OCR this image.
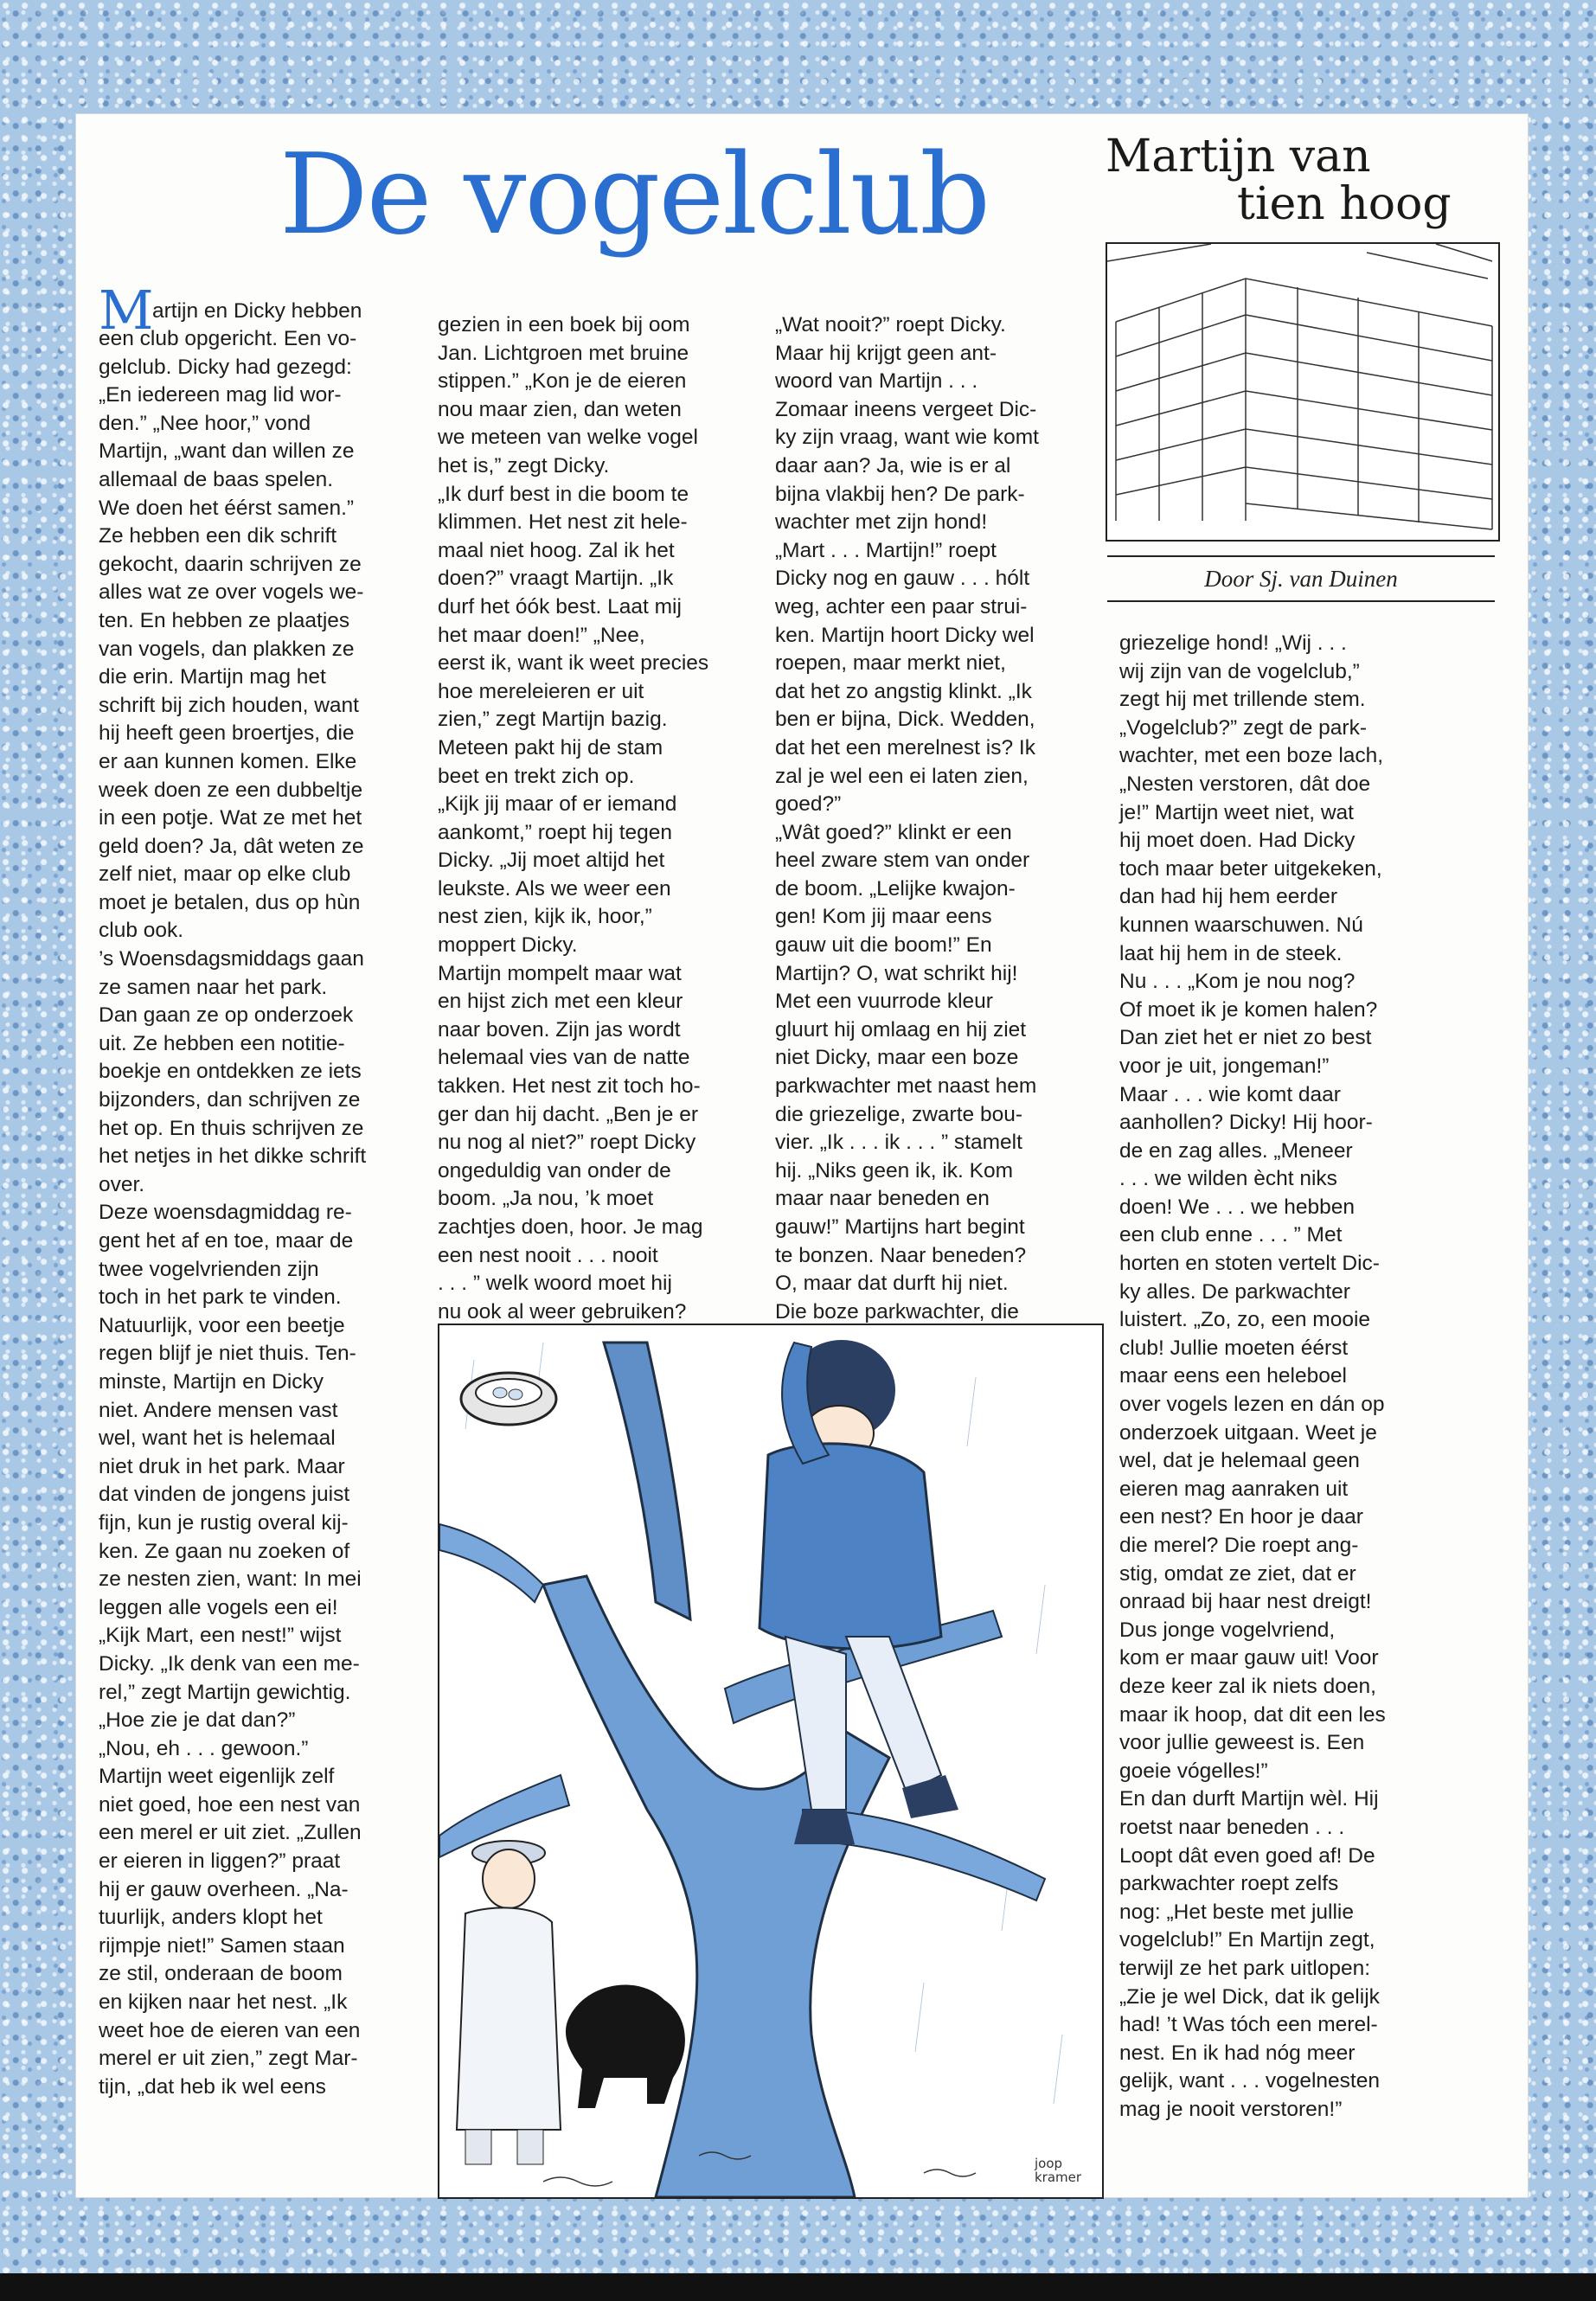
De vogelclub	Martijn van
tien hoog
Door Sj. van Duinen
M
artijn en Dicky hebben

een club opgericht. Een vo-
gelclub. Dicky had gezegd:
„En iedereen mag lid wor-
den.” „Nee hoor,” vond
Martijn, „want dan willen ze
allemaal de baas spelen.
We doen het éérst samen.”
Ze hebben een dik schrift
gekocht, daarin schrijven ze
alles wat ze over vogels we-
ten. En hebben ze plaatjes
van vogels, dan plakken ze
die erin. Martijn mag het
schrift bij zich houden, want
hij heeft geen broertjes, die
er aan kunnen komen. Elke
week doen ze een dubbeltje
in een potje. Wat ze met het
geld doen? Ja, dât weten ze
zelf niet, maar op elke club
moet je betalen, dus op hùn
club ook.
’s Woensdagsmiddags gaan
ze samen naar het park.
Dan gaan ze op onderzoek
uit. Ze hebben een notitie-
boekje en ontdekken ze iets
bijzonders, dan schrijven ze
het op. En thuis schrijven ze
het netjes in het dikke schrift
over.
Deze woensdagmiddag re-
gent het af en toe, maar de
twee vogelvrienden zijn
toch in het park te vinden.
Natuurlijk, voor een beetje
regen blijf je niet thuis. Ten-
minste, Martijn en Dicky
niet. Andere mensen vast
wel, want het is helemaal
niet druk in het park. Maar
dat vinden de jongens juist
fijn, kun je rustig overal kij-
ken. Ze gaan nu zoeken of
ze nesten zien, want: In mei
leggen alle vogels een ei!
„Kijk Mart, een nest!” wijst
Dicky. „Ik denk van een me-
rel,” zegt Martijn gewichtig.
„Hoe zie je dat dan?”
„Nou, eh . . . gewoon.”
Martijn weet eigenlijk zelf
niet goed, hoe een nest van
een merel er uit ziet. „Zullen
er eieren in liggen?” praat
hij er gauw overheen. „Na-
tuurlijk, anders klopt het
rijmpje niet!” Samen staan
ze stil, onderaan de boom
en kijken naar het nest. „Ik
weet hoe de eieren van een
merel er uit zien,” zegt Mar-
tijn, „dat heb ik wel eens

gezien in een boek bij oom
Jan. Lichtgroen met bruine
stippen.” „Kon je de eieren
nou maar zien, dan weten
we meteen van welke vogel
het is,” zegt Dicky.
„Ik durf best in die boom te
klimmen. Het nest zit hele-
maal niet hoog. Zal ik het
doen?” vraagt Martijn. „Ik
durf het óók best. Laat mij
het maar doen!” „Nee,
eerst ik, want ik weet precies
hoe mereleieren er uit
zien,” zegt Martijn bazig.
Meteen pakt hij de stam
beet en trekt zich op.
„Kijk jij maar of er iemand
aankomt,” roept hij tegen
Dicky. „Jij moet altijd het
leukste. Als we weer een
nest zien, kijk ik, hoor,”
moppert Dicky.
Martijn mompelt maar wat
en hijst zich met een kleur
naar boven. Zijn jas wordt
helemaal vies van de natte
takken. Het nest zit toch ho-
ger dan hij dacht. „Ben je er
nu nog al niet?” roept Dicky
ongeduldig van onder de
boom. „Ja nou, ’k moet
zachtjes doen, hoor. Je mag
een nest nooit . . . nooit
. . . ” welk woord moet hij
nu ook al weer gebruiken?

„Wat nooit?” roept Dicky.
Maar hij krijgt geen ant-
woord van Martijn . . .
Zomaar ineens vergeet Dic-
ky zijn vraag, want wie komt
daar aan? Ja, wie is er al
bijna vlakbij hen? De park-
wachter met zijn hond!
„Mart . . . Martijn!” roept
Dicky nog en gauw . . . hólt
weg, achter een paar strui-
ken. Martijn hoort Dicky wel
roepen, maar merkt niet,
dat het zo angstig klinkt. „Ik
ben er bijna, Dick. Wedden,
dat het een merelnest is? Ik
zal je wel een ei laten zien,
goed?”
„Wât goed?” klinkt er een
heel zware stem van onder
de boom. „Lelijke kwajon-
gen! Kom jij maar eens
gauw uit die boom!” En
Martijn? O, wat schrikt hij!
Met een vuurrode kleur
gluurt hij omlaag en hij ziet
niet Dicky, maar een boze
parkwachter met naast hem
die griezelige, zwarte bou-
vier. „Ik . . . ik . . . ” stamelt
hij. „Niks geen ik, ik. Kom
maar naar beneden en
gauw!” Martijns hart begint
te bonzen. Naar beneden?
O, maar dat durft hij niet.
Die boze parkwachter, die

griezelige hond! „Wij . . .
wij zijn van de vogelclub,”
zegt hij met trillende stem.
„Vogelclub?” zegt de park-
wachter, met een boze lach,
„Nesten verstoren, dât doe
je!” Martijn weet niet, wat
hij moet doen. Had Dicky
toch maar beter uitgekeken,
dan had hij hem eerder
kunnen waarschuwen. Nú
laat hij hem in de steek.
Nu . . . „Kom je nou nog?
Of moet ik je komen halen?
Dan ziet het er niet zo best
voor je uit, jongeman!”
Maar . . . wie komt daar
aanhollen? Dicky! Hij hoor-
de en zag alles. „Meneer
. . . we wilden ècht niks
doen! We . . . we hebben
een club enne . . . ” Met
horten en stoten vertelt Dic-
ky alles. De parkwachter
luistert. „Zo, zo, een mooie
club! Jullie moeten éérst
maar eens een heleboel
over vogels lezen en dán op
onderzoek uitgaan. Weet je
wel, dat je helemaal geen
eieren mag aanraken uit
een nest? En hoor je daar
die merel? Die roept ang-
stig, omdat ze ziet, dat er
onraad bij haar nest dreigt!
Dus jonge vogelvriend,
kom er maar gauw uit! Voor
deze keer zal ik niets doen,
maar ik hoop, dat dit een les
voor jullie geweest is. Een
goeie vógelles!”
En dan durft Martijn wèl. Hij
roetst naar beneden . . .
Loopt dât even goed af! De
parkwachter roept zelfs
nog: „Het beste met jullie
vogelclub!” En Martijn zegt,
terwijl ze het park uitlopen:
„Zie je wel Dick, dat ik gelijk
had! ’t Was tóch een merel-
nest. En ik had nóg meer
gelijk, want . . . vogelnesten
mag je nooit verstoren!”

joop
kramer
